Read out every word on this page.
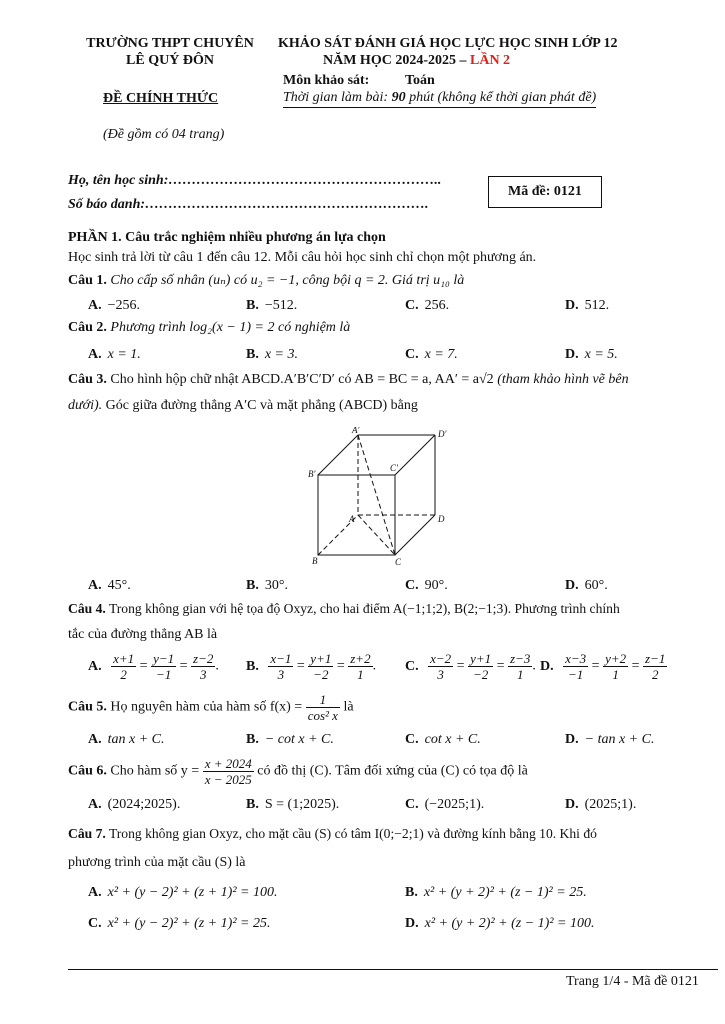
TRƯỜNG THPT CHUYÊN
LÊ QUÝ ĐÔN
KHẢO SÁT ĐÁNH GIÁ HỌC LỰC HỌC SINH LỚP 12
NĂM HỌC 2024-2025 – LẦN 2
Môn khảo sát:	Toán
ĐỀ CHÍNH THỨC	Thời gian làm bài: 90 phút (không kể thời gian phát đề)
(Đề gồm có 04 trang)
Họ, tên học sinh:…………………………………………………..
Số báo danh:…………………………………………………….
Mã đề: 0121
PHẦN 1. Câu trắc nghiệm nhiều phương án lựa chọn
Học sinh trả lời từ câu 1 đến câu 12. Mỗi câu hỏi học sinh chỉ chọn một phương án.
Câu 1. Cho cấp số nhân (uₙ) có u₂ = −1, công bội q = 2. Giá trị u₁₀ là
A. −256.	B. −512.	C. 256.	D. 512.
Câu 2. Phương trình log₂(x − 1) = 2 có nghiệm là
A. x = 1.	B. x = 3.	C. x = 7.	D. x = 5.
Câu 3. Cho hình hộp chữ nhật ABCD.A′B′C′D′ có AB = BC = a, AA′ = a√2 (tham khảo hình vẽ bên
dưới). Góc giữa đường thẳng A′C và mặt phẳng (ABCD) bằng
A′	D′
B′
C′
A	D
B	C
A. 45°.	B. 30°.	C. 90°.	D. 60°.
Câu 4. Trong không gian với hệ tọa độ Oxyz, cho hai điểm A(−1;1;2), B(2;−1;3). Phương trình chính
tắc của đường thẳng AB là
A. $\frac{x+1}{2} = \frac{y-1}{-1} = \frac{z-2}{3}$ . B. $\frac{x-1}{3} = \frac{y+1}{-2} = \frac{z+2}{1}$ . C. $\frac{x-2}{3} = \frac{y+1}{-2} = \frac{z-3}{1}$ . D. $\frac{x-3}{-1} = \frac{y+2}{1} = \frac{z-1}{2}$
Câu 5. Họ nguyên hàm của hàm số $f(x) = \frac{1}{\text{cos² x}}$ là
A. tan x + C.	B. − cot x + C.	C. cot x + C.	D. − tan x + C.
Câu 6. Cho hàm số $y = \frac{x + 2024}{x - 2025}$ có đồ thị (C). Tâm đối xứng của (C) có tọa độ là
A. (2024;2025).	B. S = (1;2025).	C. (−2025;1).	D. (2025;1).
Câu 7. Trong không gian Oxyz, cho mặt cầu (S) có tâm I(0;−2;1) và đường kính bằng 10. Khi đó
phương trình của mặt cầu (S) là
A. x² + (y − 2)² + (z + 1)² = 100.	B. x² + (y + 2)² + (z − 1)² = 25.
C. x² + (y − 2)² + (z + 1)² = 25.	D. x² + (y + 2)² + (z − 1)² = 100.
Trang 1/4 - Mã đề 0121
